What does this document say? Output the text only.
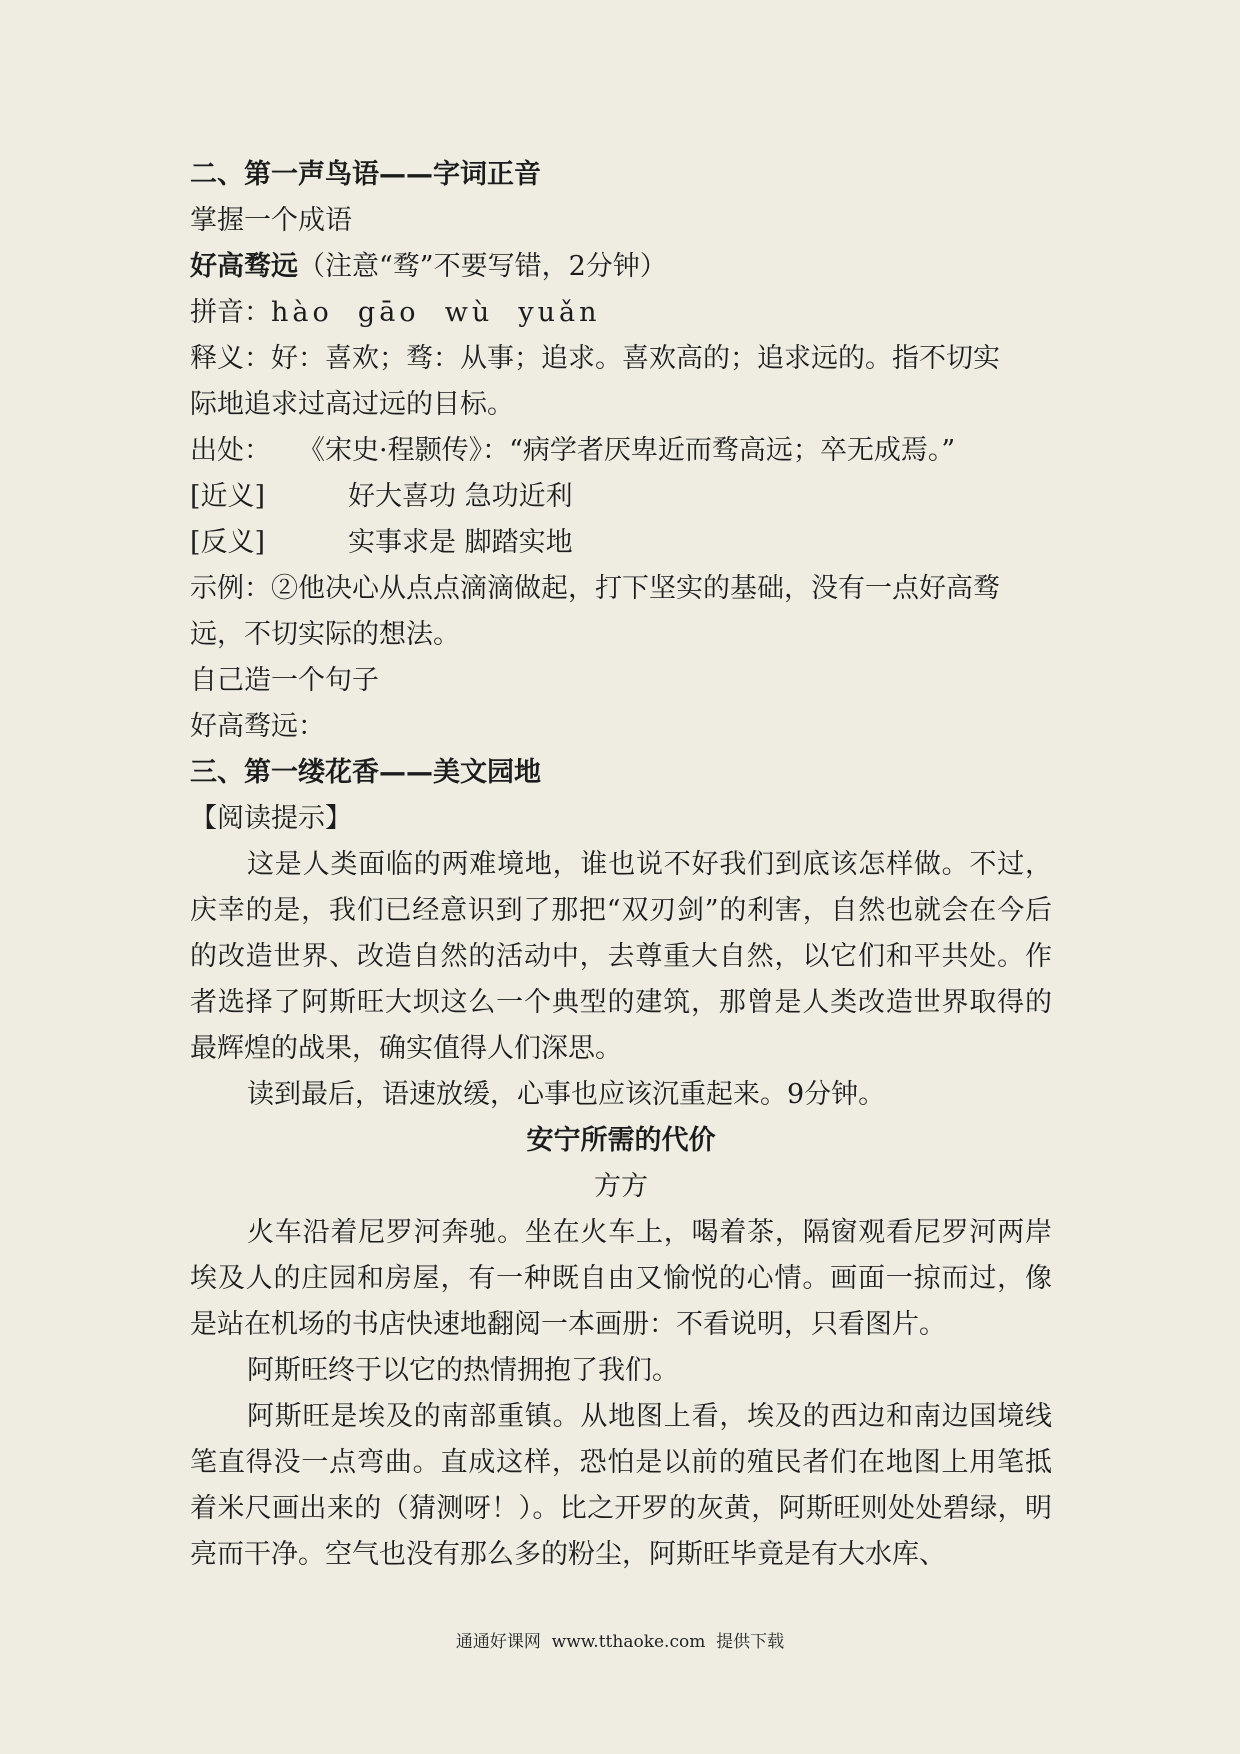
二、第一声鸟语——字词正音
掌握一个成语
好高骛远（注意“骛”不要写错，2分钟）
拼音：hào  gāo  wù  yuǎn
释义：好：喜欢；骛：从事；追求。喜欢高的；追求远的。指不切实
际地追求过高过远的目标。
出处： 《宋史·程颢传》：“病学者厌卑近而骛高远；卒无成焉。”
[近义]	好大喜功 急功近利
[反义]	实事求是 脚踏实地
示例：②他决心从点点滴滴做起，打下坚实的基础，没有一点好高骛
远，不切实际的想法。
自己造一个句子
好高骛远：
三、第一缕花香——美文园地
【阅读提示】

这是人类面临的两难境地，谁也说不好我们到底该怎样做。不过，庆幸的是，我们已经意识到了那把“双刃剑”的利害，自然也就会在今后的改造世界、改造自然的活动中，去尊重大自然，以它们和平共处。作者选择了阿斯旺大坝这么一个典型的建筑，那曾是人类改造世界取得的最辉煌的战果，确实值得人们深思。

读到最后，语速放缓，心事也应该沉重起来。9分钟。

安宁所需的代价
方方

火车沿着尼罗河奔驰。坐在火车上，喝着茶，隔窗观看尼罗河两岸埃及人的庄园和房屋，有一种既自由又愉悦的心情。画面一掠而过，像是站在机场的书店快速地翻阅一本画册：不看说明，只看图片。

阿斯旺终于以它的热情拥抱了我们。

阿斯旺是埃及的南部重镇。从地图上看，埃及的西边和南边国境线笔直得没一点弯曲。直成这样，恐怕是以前的殖民者们在地图上用笔抵着米尺画出来的（猜测呀！）。比之开罗的灰黄，阿斯旺则处处碧绿，明亮而干净。空气也没有那么多的粉尘，阿斯旺毕竟是有大水库、

通通好课网  www.tthaoke.com  提供下载
